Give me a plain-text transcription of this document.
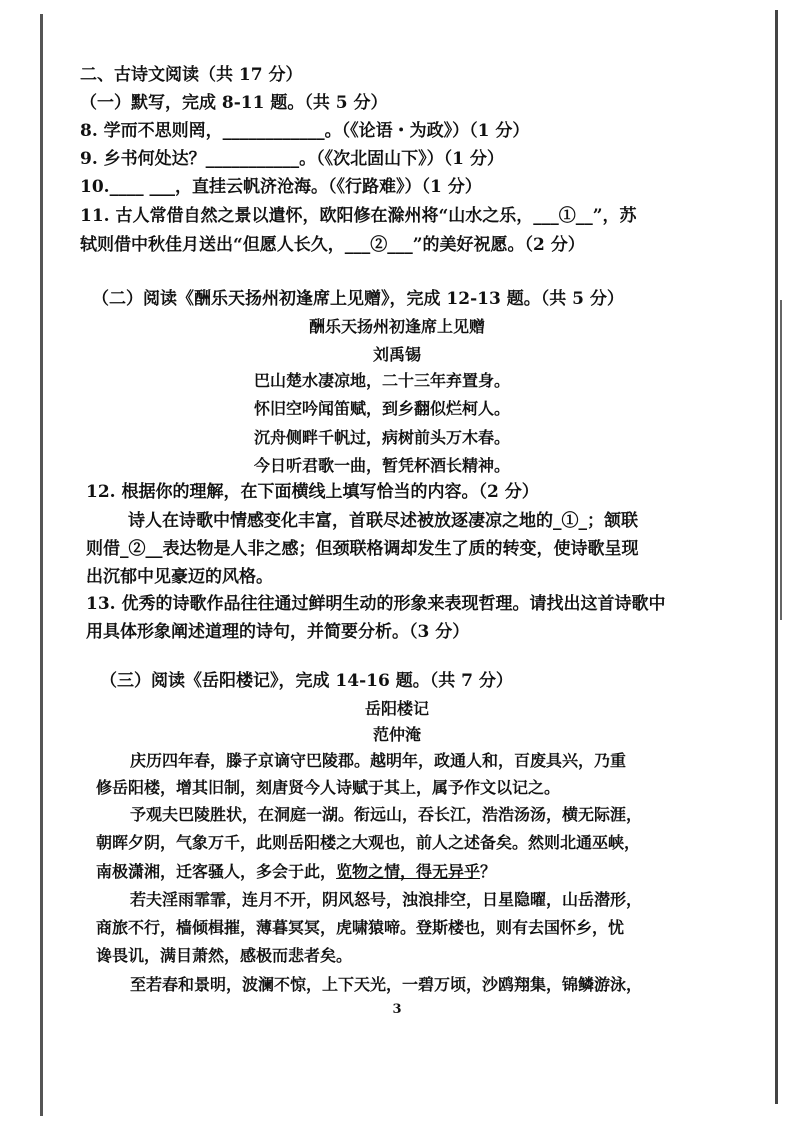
二、古诗文阅读（共 17 分）
（一）默写，完成 8-11 题。（共 5 分）
8. 学而不思则罔，____________。（《论语・为政》）（1 分）
9. 乡书何处达？___________。（《次北固山下》）（1 分）
10.____ ___，直挂云帆济沧海。（《行路难》）（1 分）
11. 古人常借自然之景以遣怀，欧阳修在滁州将“山水之乐，___①__”，苏
轼则借中秋佳月送出“但愿人长久，___②___”的美好祝愿。（2 分）
（二）阅读《酬乐天扬州初逢席上见赠》，完成 12-13 题。（共 5 分）
酬乐天扬州初逢席上见赠
刘禹锡
巴山楚水凄凉地，二十三年弃置身。
怀旧空吟闻笛赋，到乡翻似烂柯人。
沉舟侧畔千帆过，病树前头万木春。
今日听君歌一曲，暂凭杯酒长精神。
12. 根据你的理解，在下面横线上填写恰当的内容。（2 分）
诗人在诗歌中情感变化丰富，首联尽述被放逐凄凉之地的_①_；颔联
则借_②__表达物是人非之感；但颈联格调却发生了质的转变，使诗歌呈现
出沉郁中见豪迈的风格。
13. 优秀的诗歌作品往往通过鲜明生动的形象来表现哲理。请找出这首诗歌中
用具体形象阐述道理的诗句，并简要分析。（3 分）
（三）阅读《岳阳楼记》，完成 14-16 题。（共 7 分）
岳阳楼记
范仲淹
庆历四年春，滕子京谪守巴陵郡。越明年，政通人和，百废具兴，乃重
修岳阳楼，增其旧制，刻唐贤今人诗赋于其上，属予作文以记之。
予观夫巴陵胜状，在洞庭一湖。衔远山，吞长江，浩浩汤汤，横无际涯，
朝晖夕阴，气象万千，此则岳阳楼之大观也，前人之述备矣。然则北通巫峡，
南极潇湘，迁客骚人，多会于此，览物之情，得无异乎？
若夫淫雨霏霏，连月不开，阴风怒号，浊浪排空，日星隐曜，山岳潜形，
商旅不行，樯倾楫摧，薄暮冥冥，虎啸猿啼。登斯楼也，则有去国怀乡，忧
谗畏讥，满目萧然，感极而悲者矣。
至若春和景明，波澜不惊，上下天光，一碧万顷，沙鸥翔集，锦鳞游泳，
3
